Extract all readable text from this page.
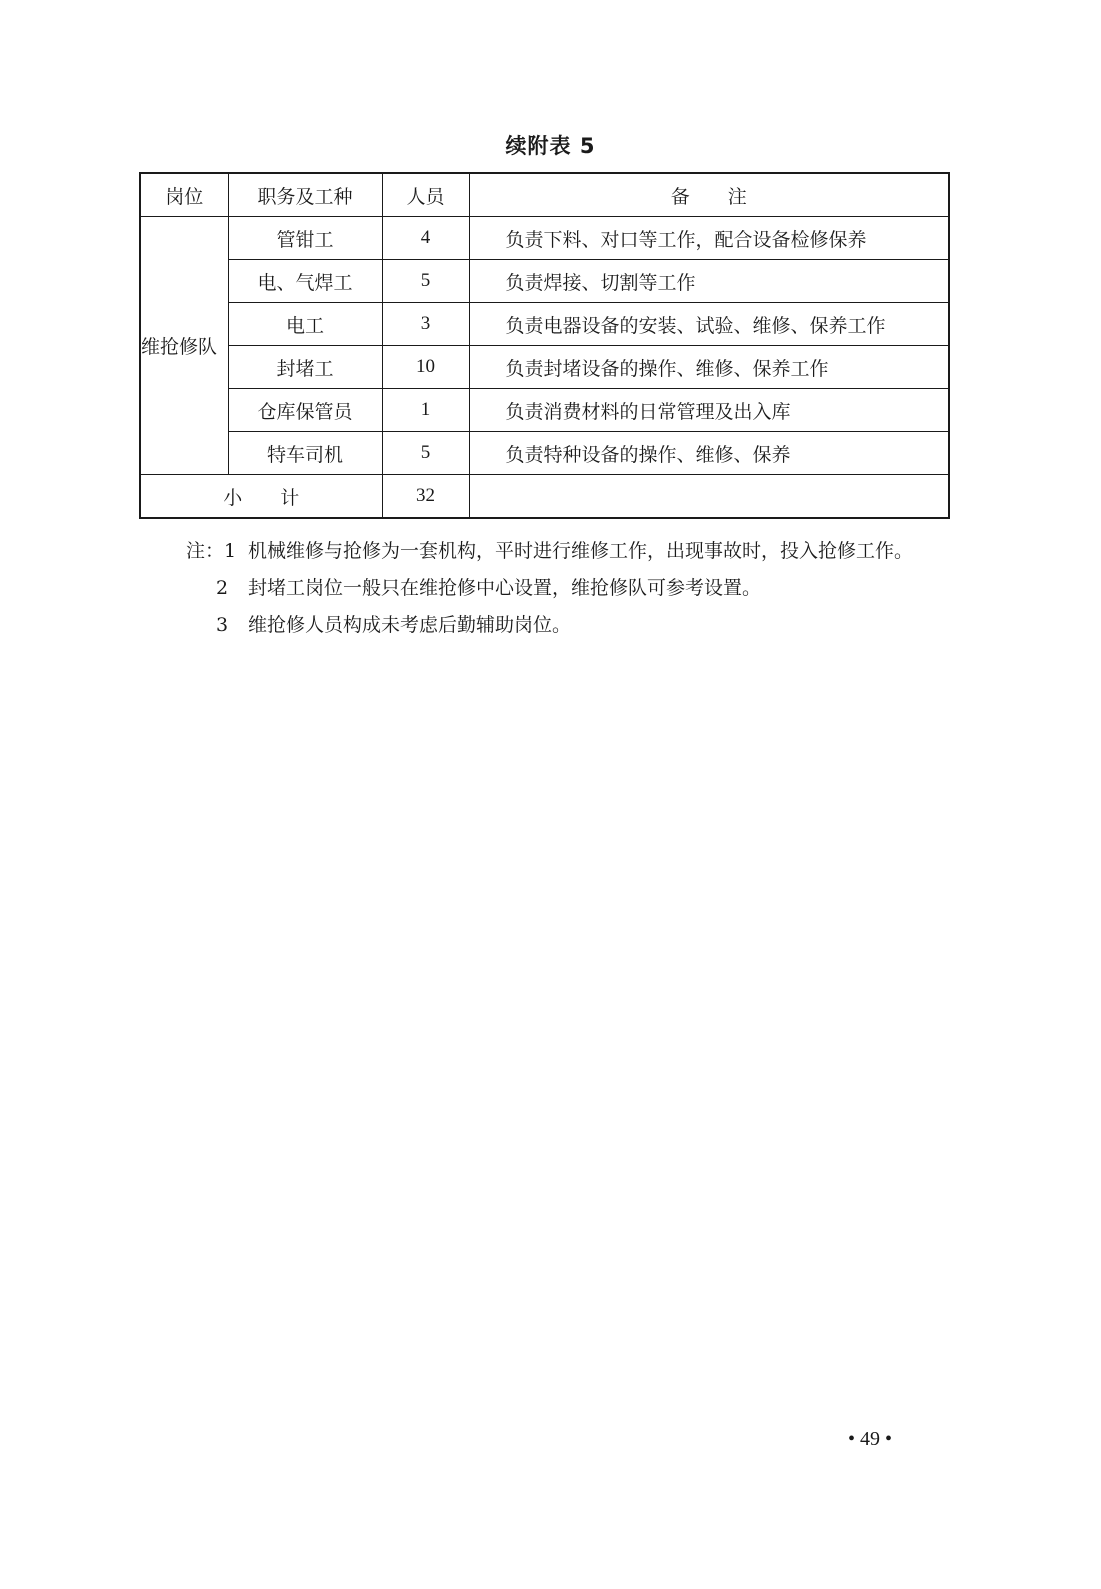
续附表 5
岗位	职务及工种	人员	备　　注
维抢修队	管钳工	4	负责下料、对口等工作，配合设备检修保养
	电、气焊工	5	负责焊接、切割等工作
	电工	3	负责电器设备的安装、试验、维修、保养工作
	封堵工	10	负责封堵设备的操作、维修、保养工作
	仓库保管员	1	负责消费材料的日常管理及出入库
	特车司机	5	负责特种设备的操作、维修、保养
小　　计		32	
注：1 机械维修与抢修为一套机构，平时进行维修工作，出现事故时，投入抢修工作。
2	封堵工岗位一般只在维抢修中心设置，维抢修队可参考设置。
3	维抢修人员构成未考虑后勤辅助岗位。
• 49 •
